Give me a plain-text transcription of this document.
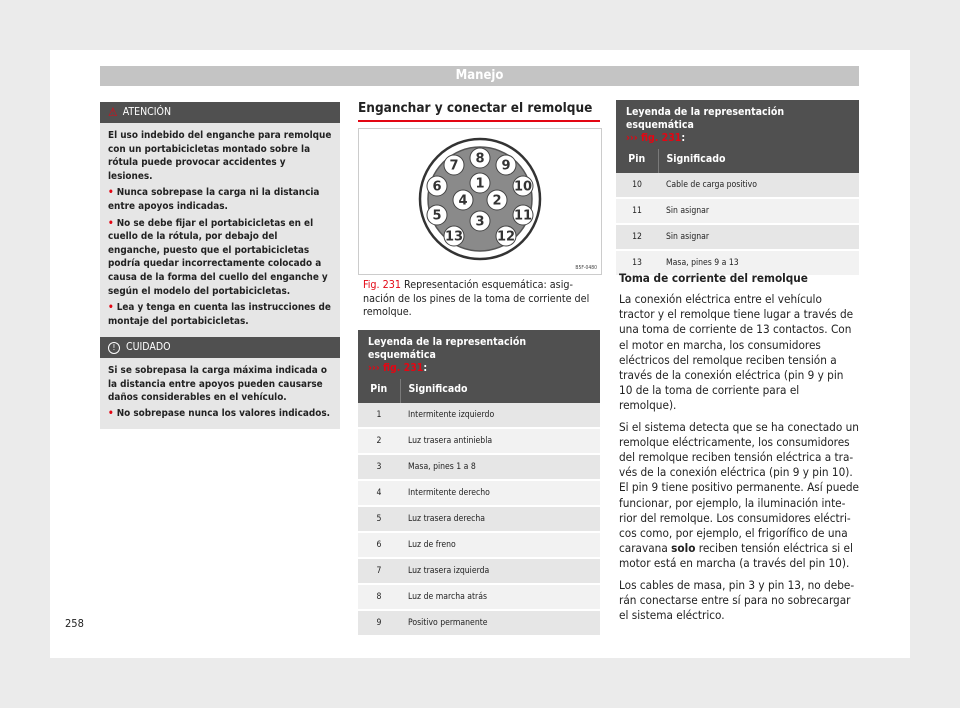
Manejo
⚠ ATENCIÓN

El uso indebido del enganche para remolque con un portabicicletas montado sobre la rótula puede provocar accidentes y lesiones.

• Nunca sobrepase la carga ni la distancia entre apoyos indicadas.

• No se debe fijar el portabicicletas en el cuello de la rótula, por debajo del enganche, puesto que el portabicicletas podría quedar incorrectamente colocado a causa de la forma del cuello del enganche y según el modelo del portabicicletas.

• Lea y tenga en cuenta las instrucciones de montaje del portabicicletas.

!	CUIDADO

Si se sobrepasa la carga máxima indicada o la distancia entre apoyos pueden causarse daños considerables en el vehículo.

• No sobrepase nunca los valores indicados.

Enganchar y conectar el remolque
1
2
3
4
5
6
7 8 9
10
11
12
13
B5F-0480
Fig. 231 Representación esquemática: asignación de los pines de la toma de corriente del remolque.
Leyenda de la representación esquemática
››› fig. 231:	
Pin	Significado
1	Intermitente izquierdo
2	Luz trasera antiniebla
3	Masa, pines 1 a 8
4	Intermitente derecho
5	Luz trasera derecha
6	Luz de freno
7	Luz trasera izquierda
8	Luz de marcha atrás
9	Positivo permanente
Leyenda de la representación esquemática
››› fig. 231:	
Pin	Significado
10	Cable de carga positivo
11	Sin asignar
12	Sin asignar
13	Masa, pines 9 a 13
Toma de corriente del remolque

La conexión eléctrica entre el vehículo tractor y el remolque tiene lugar a través de una toma de corriente de 13 contactos. Con el motor en marcha, los consumidores eléctricos del remolque reciben tensión a través de la conexión eléctrica (pin 9 y pin 10 de la toma de corriente para el remolque).

Si el sistema detecta que se ha conectado un remolque eléctricamente, los consumidores del remolque reciben tensión eléctrica a través de la conexión eléctrica (pin 9 y pin 10). El pin 9 tiene positivo permanente. Así puede funcionar, por ejemplo, la iluminación interior del remolque. Los consumidores eléctricos como, por ejemplo, el frigorífico de una caravana solo reciben tensión eléctrica si el motor está en marcha (a través del pin 10).

Los cables de masa, pin 3 y pin 13, no deberán conectarse entre sí para no sobrecargar el sistema eléctrico.

258
